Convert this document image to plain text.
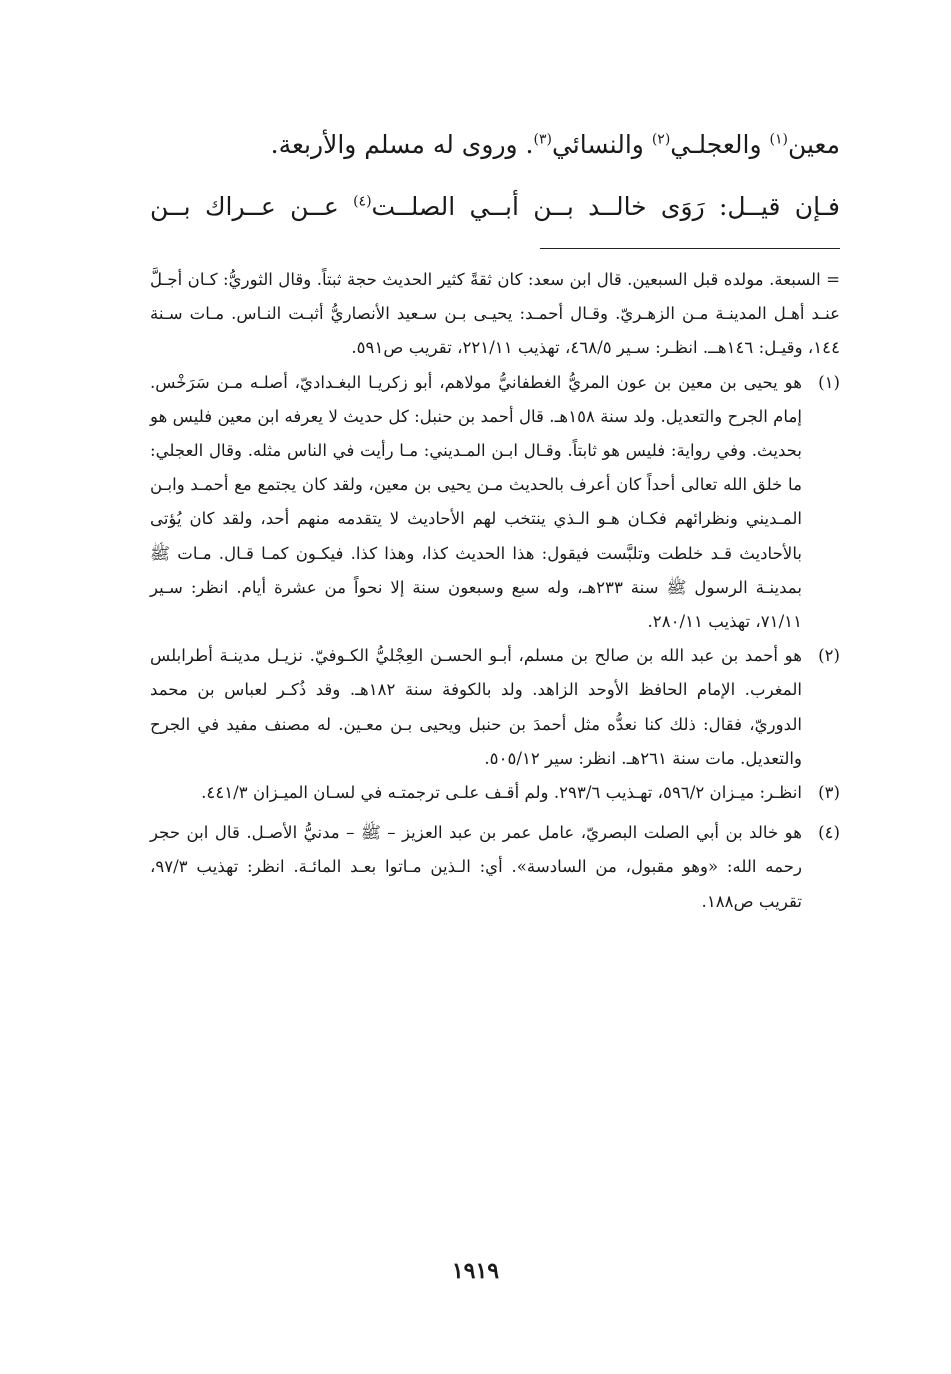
معين$^{(١)}$ والعجلـي$^{(٢)}$ والنسائي$^{(٣)}$. وروى له مسلم والأربعة.

فـإن قيــل: رَوَى خالــد بــن أبــي الصلــت$^{(٤)}$ عــن عــراك بــن

= السبعة. مولده قبل السبعين. قال ابن سعد: كان ثقةً كثير الحديث حجة ثبتاً. وقال الثوريُّ: كـان أجـلَّ عنـد أهـل المدينـة مـن الزهـريّ. وقـال أحمـد: يحيـى بـن سـعيد الأنصاريُّ أثبـت النـاس. مـات سـنة ١٤٤، وقيـل: ١٤٦هــ. انظـر: سـير ٤٦٨/٥، تهذيب ٢٢١/١١، تقريب ص٥٩١.

(١)
هو يحيى بن معين بن عون المريُّ الغطفانيُّ مولاهم، أبو زكريـا البغـداديّ، أصلـه مـن سَرَخْس. إمام الجرح والتعديل. ولد سنة ١٥٨هـ. قال أحمد بن حنبل: كل حديث لا يعرفه ابن معين فليس هو بحديث. وفي رواية: فليس هو ثابتاً. وقـال ابـن المـديني: مـا رأيت في الناس مثله. وقال العجلي: ما خلق الله تعالى أحداً كان أعرف بالحديث مـن يحيى بن معين، ولقد كان يجتمع مع أحمـد وابـن المـديني ونظرائهم فكـان هـو الـذي ينتخب لهم الأحاديث لا يتقدمه منهم أحد، ولقد كان يُؤتى بالأحاديث قـد خلطت وتلبَّست فيقول: هذا الحديث كذا، وهذا كذا. فيكـون كمـا قـال. مـات ﷺ بمدينـة الرسول ﷺ سنة ٢٣٣هـ، وله سبع وسبعون سنة إلا نحواً من عشرة أيام. انظر: سـير ٧١/١١، تهذيب ٢٨٠/١١.

(٢)
هو أحمد بن عبد الله بن صالح بن مسلم، أبـو الحسـن العِجْليُّ الكـوفيّ. نزيـل مدينـة أطرابلس المغرب. الإمام الحافظ الأوحد الزاهد. ولد بالكوفة سنة ١٨٢هـ. وقد ذُكـر لعباس بن محمد الدوريّ، فقال: ذلك كنا نعدُّه مثل أحمدَ بن حنبل ويحيى بـن معـين. له مصنف مفيد في الجرح والتعديل. مات سنة ٢٦١هـ. انظر: سير ٥٠٥/١٢.

(٣)
انظـر: ميـزان ٥٩٦/٢، تهـذيب ٢٩٣/٦. ولم أقـف علـى ترجمتـه في لسـان الميـزان ٤٤١/٣.

(٤)
هو خالد بن أبي الصلت البصريّ، عامل عمر بن عبد العزيز – ﷺ – مدنيُّ الأصـل. قال ابن حجر رحمه الله: «وهو مقبول، من السادسة». أي: الـذين مـاتوا بعـد المائـة. انظر: تهذيب ٩٧/٣، تقريب ص١٨٨.

١٩١٩
